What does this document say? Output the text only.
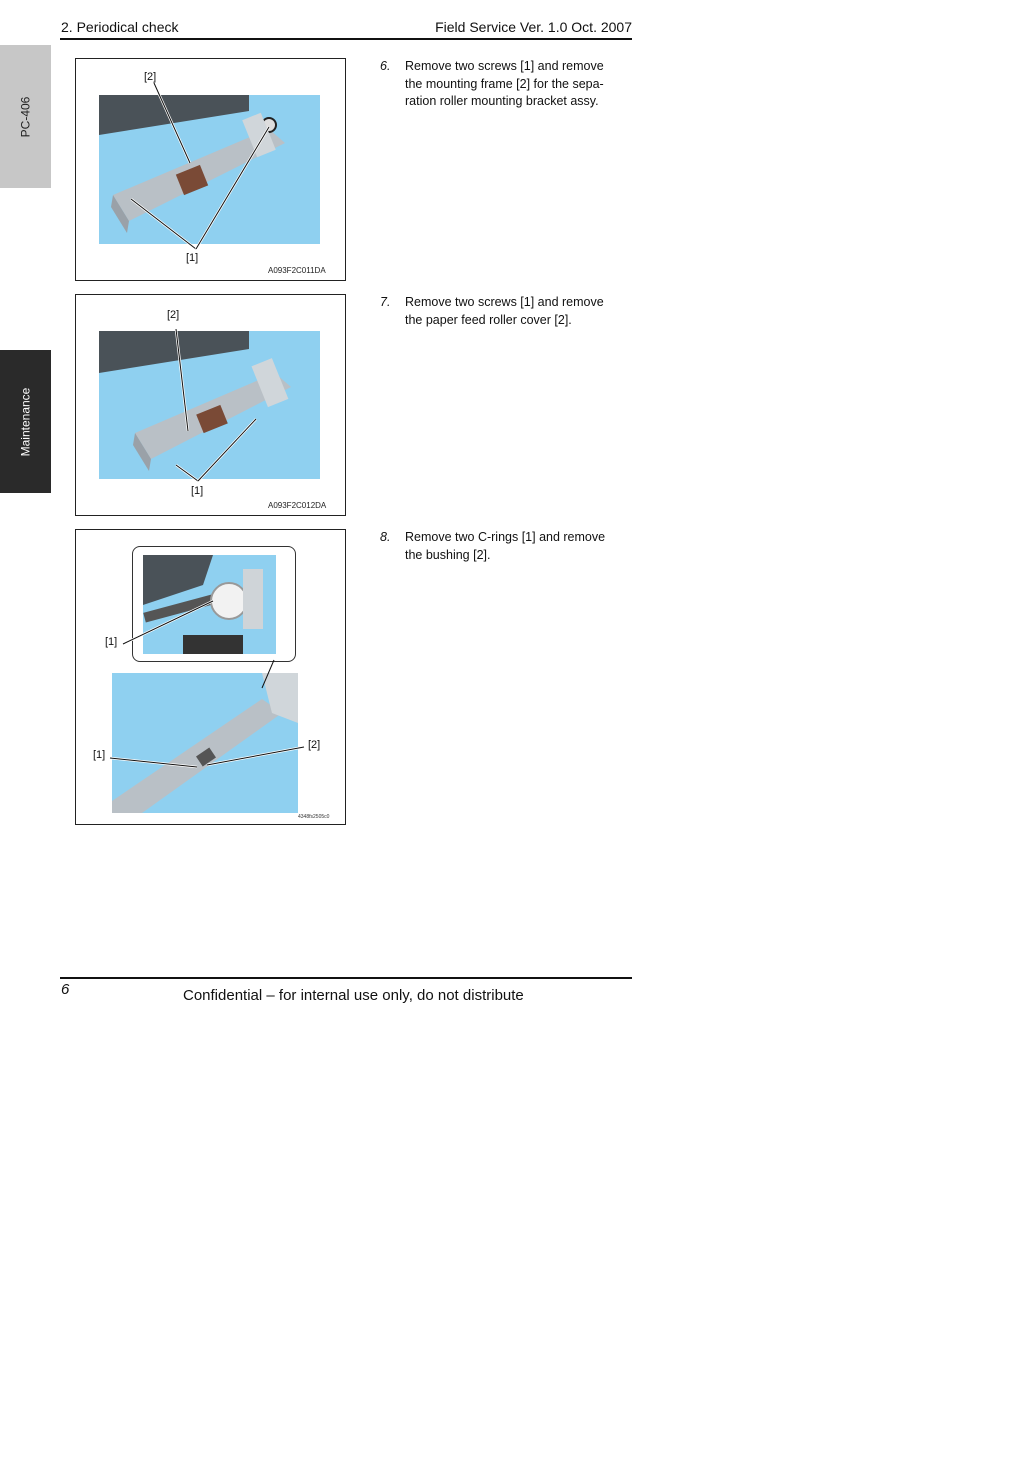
2. Periodical check	Field Service Ver. 1.0 Oct. 2007
PC-406
Maintenance
[2]
[1]
A093F2C011DA
[2]
[1]
A093F2C012DA
[1]
[1]
[2]
4348fs2505c0
6. Remove two screws [1] and remove
the mounting frame [2] for the sepa-
ration roller mounting bracket assy.
7. Remove two screws [1] and remove
the paper feed roller cover [2].
8. Remove two C-rings [1] and remove
the bushing [2].
6	Confidential – for internal use only, do not distribute
